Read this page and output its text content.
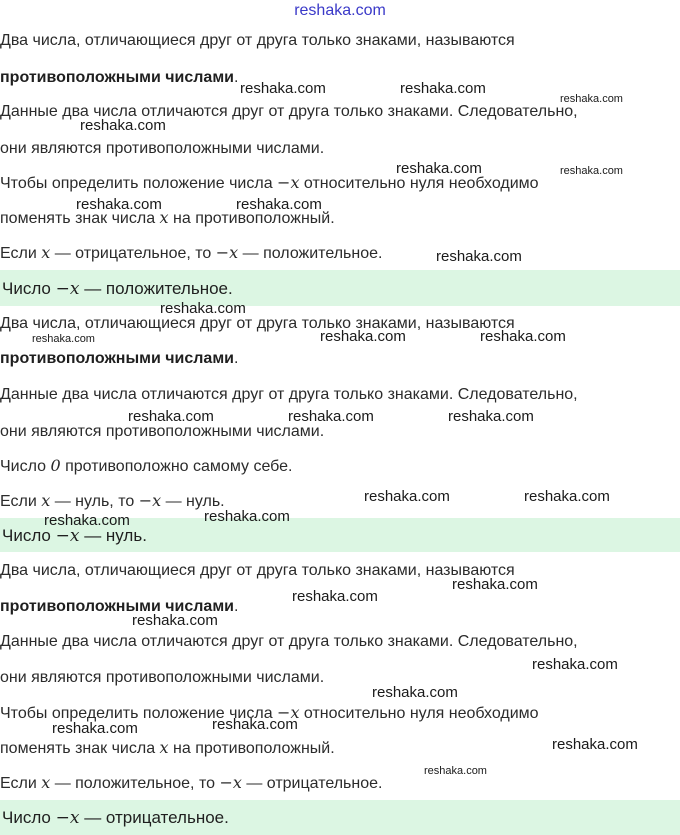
reshaka.com
Два числа, отличающиеся друг от друга только знаками, называются
противоположными числами.
Данные два числа отличаются друг от друга только знаками. Следовательно,
они являются противоположными числами.
Чтобы определить положение числа −x относительно нуля необходимо
поменять знак числа x на противоположный.
Если x — отрицательное, то −x — положительное.
Число −x — положительное.
Два числа, отличающиеся друг от друга только знаками, называются
противоположными числами.
Данные два числа отличаются друг от друга только знаками. Следовательно,
они являются противоположными числами.
Число 0 противоположно самому себе.
Если x — нуль, то −x — нуль.
Число −x — нуль.
Два числа, отличающиеся друг от друга только знаками, называются
противоположными числами.
Данные два числа отличаются друг от друга только знаками. Следовательно,
они являются противоположными числами.
Чтобы определить положение числа −x относительно нуля необходимо
поменять знак числа x на противоположный.
Если x — положительное, то −x — отрицательное.
Число −x — отрицательное.
reshaka.com	reshaka.com
reshaka.com
reshaka.com
reshaka.com	reshaka.com
reshaka.com	reshaka.com
reshaka.com
reshaka.com
reshaka.com	reshaka.com	reshaka.com
reshaka.com	reshaka.com	reshaka.com
reshaka.com	reshaka.com
reshaka.com	reshaka.com
reshaka.com
reshaka.com
reshaka.com
reshaka.com
reshaka.com
reshaka.com
reshaka.com
reshaka.com
reshaka.com
